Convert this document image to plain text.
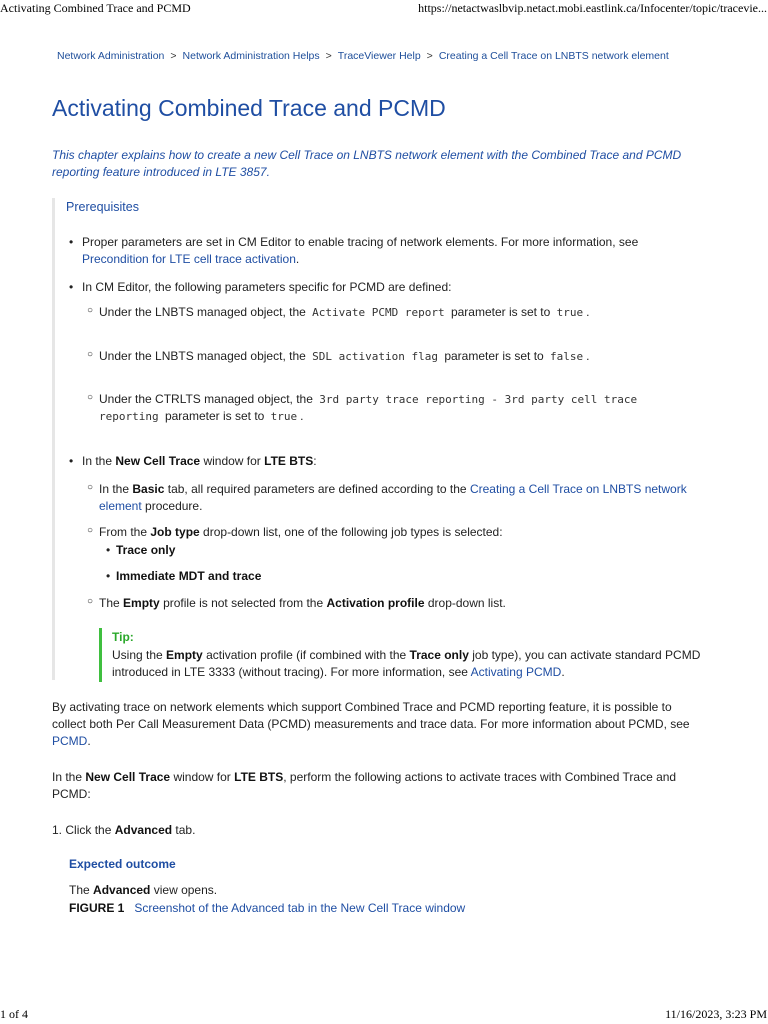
Activating Combined Trace and PCMD	https://netactwaslbvip.netact.mobi.eastlink.ca/Infocenter/topic/tracevie...
Network Administration > Network Administration Helps > TraceViewer Help > Creating a Cell Trace on LNBTS network element
Activating Combined Trace and PCMD

This chapter explains how to create a new Cell Trace on LNBTS network element with the Combined Trace and PCMD reporting feature introduced in LTE 3857.

Prerequisites
• Proper parameters are set in CM Editor to enable tracing of network elements. For more information, see
Precondition for LTE cell trace activation.

• In CM Editor, the following parameters specific for PCMD are defined:

○ Under the LNBTS managed object, the Activate PCMD report parameter is set to true .

○ Under the LNBTS managed object, the SDL activation flag parameter is set to false .

○ Under the CTRLTS managed object, the 3rd party trace reporting - 3rd party cell trace
reporting parameter is set to true .

• In the New Cell Trace window for LTE BTS:

○ In the Basic tab, all required parameters are defined according to the Creating a Cell Trace on LNBTS network
element procedure.

○ From the Job type drop-down list, one of the following job types is selected:

• Trace only

• Immediate MDT and trace

○ The Empty profile is not selected from the Activation profile drop-down list.

Tip:

Using the Empty activation profile (if combined with the Trace only job type), you can activate standard PCMD
introduced in LTE 3333 (without tracing). For more information, see Activating PCMD.

By activating trace on network elements which support Combined Trace and PCMD reporting feature, it is possible to
collect both Per Call Measurement Data (PCMD) measurements and trace data. For more information about PCMD, see
PCMD.

In the New Cell Trace window for LTE BTS, perform the following actions to activate traces with Combined Trace and
PCMD:

1. Click the Advanced tab.

Expected outcome

The Advanced view opens.

FIGURE 1 Screenshot of the Advanced tab in the New Cell Trace window

1 of 4	11/16/2023, 3:23 PM
